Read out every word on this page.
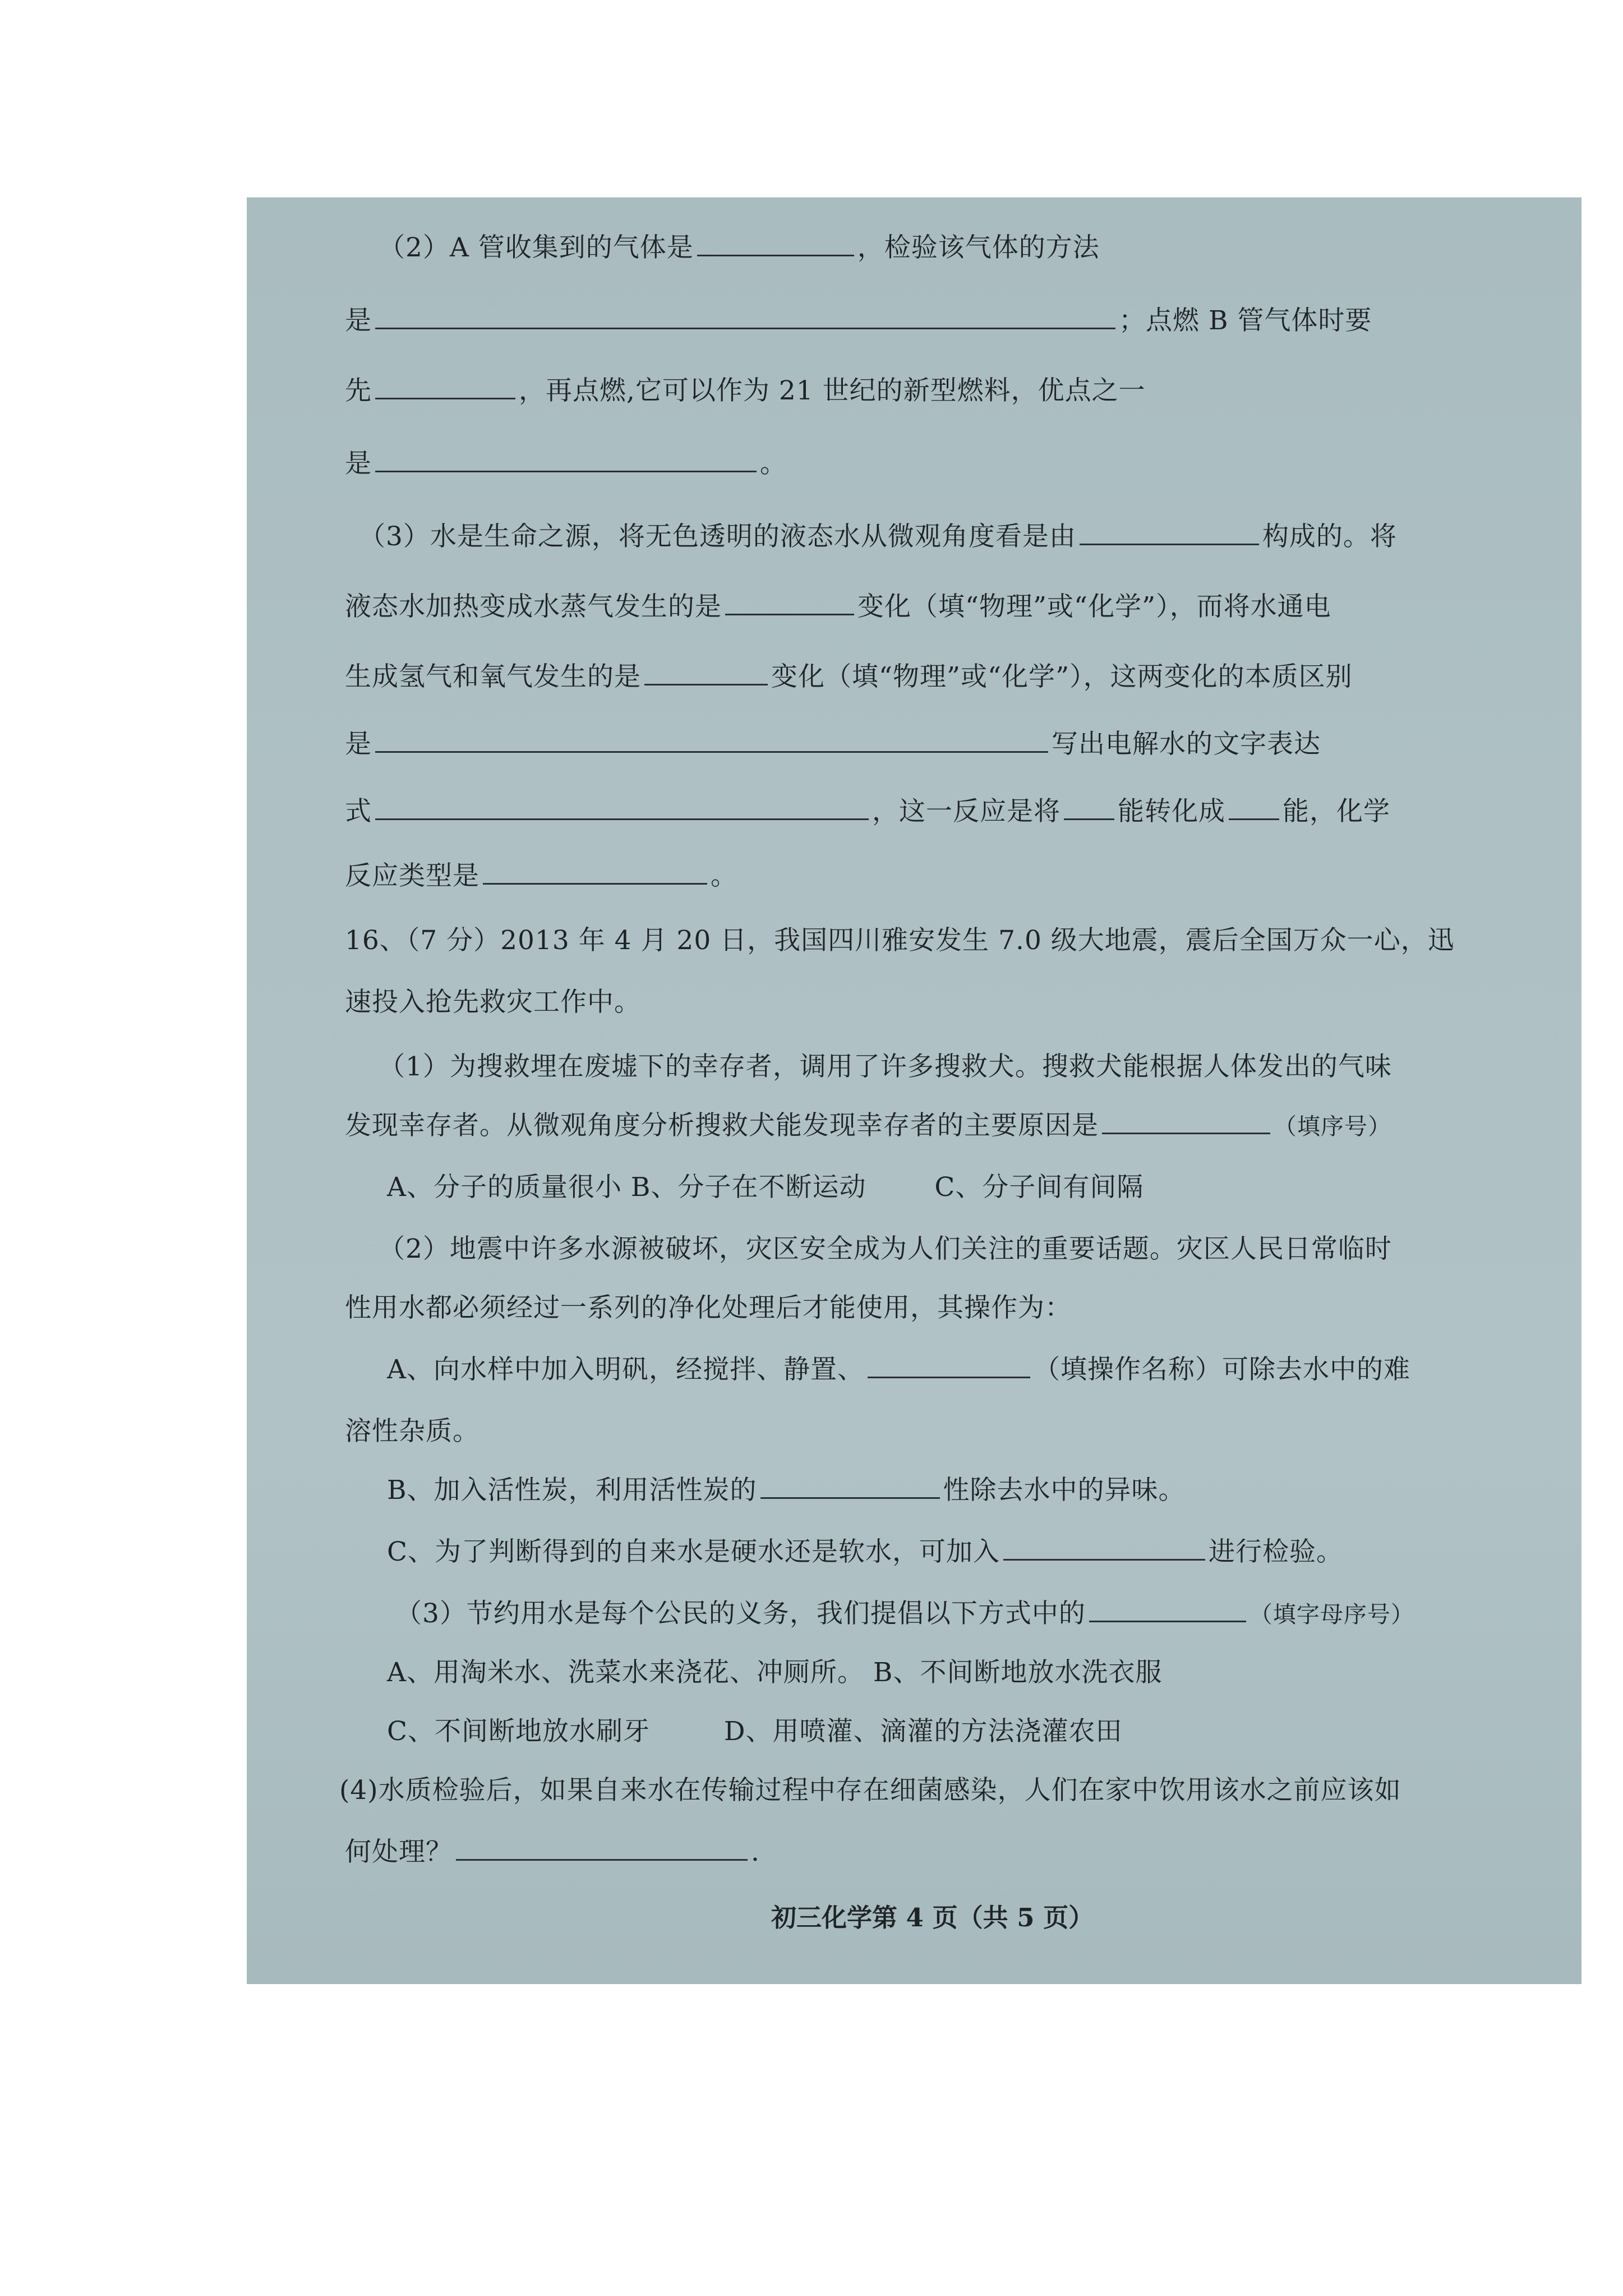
（2）A 管收集到的气体是	，检验该气体的方法
是	；点燃 B 管气体时要
先	，再点燃,它可以作为 21 世纪的新型燃料，优点之一
是	。
（3）水是生命之源，将无色透明的液态水从微观角度看是由	构成的。将
液态水加热变成水蒸气发生的是	变化（填“物理”或“化学”），而将水通电
生成氢气和氧气发生的是	变化（填“物理”或“化学”），这两变化的本质区别
是	写出电解水的文字表达
式	，这一反应是将 能转化成 能，化学
反应类型是	。
16、（7 分）2013 年 4 月 20 日，我国四川雅安发生 7.0 级大地震，震后全国万众一心，迅
速投入抢先救灾工作中。
（1）为搜救埋在废墟下的幸存者，调用了许多搜救犬。搜救犬能根据人体发出的气味
发现幸存者。从微观角度分析搜救犬能发现幸存者的主要原因是	（填序号）
A、分子的质量很小 B、分子在不断运动	C、分子间有间隔
（2）地震中许多水源被破坏，灾区安全成为人们关注的重要话题。灾区人民日常临时
性用水都必须经过一系列的净化处理后才能使用，其操作为：
A、向水样中加入明矾，经搅拌、静置、	（填操作名称）可除去水中的难
溶性杂质。
B、加入活性炭，利用活性炭的	性除去水中的异味。
C、为了判断得到的自来水是硬水还是软水，可加入	进行检验。
（3）节约用水是每个公民的义务，我们提倡以下方式中的	（填字母序号）
A、用淘米水、洗菜水来浇花、冲厕所。 B、不间断地放水洗衣服
C、不间断地放水刷牙	D、用喷灌、滴灌的方法浇灌农田
(4)水质检验后，如果自来水在传输过程中存在细菌感染，人们在家中饮用该水之前应该如
何处理？	.
初三化学第 4 页（共 5 页）
